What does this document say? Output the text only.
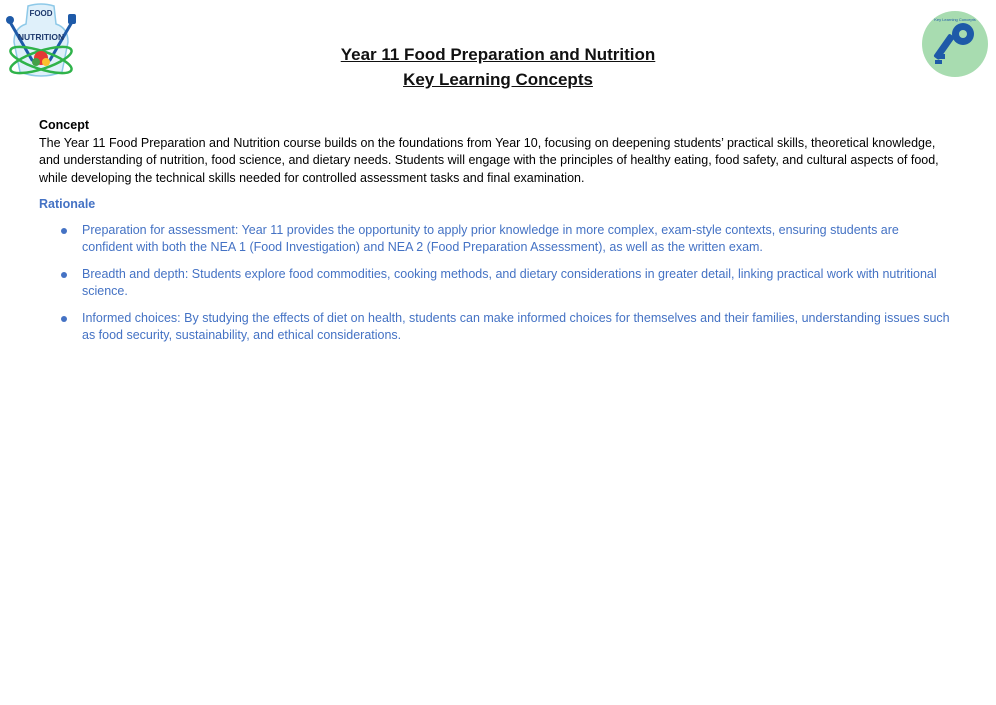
FOOD
NUTRITION
Year 11 Food Preparation and Nutrition
Key Learning Concepts
Key Learning Concepts

Concept

The Year 11 Food Preparation and Nutrition course builds on the foundations from Year 10, focusing on deepening students’ practical skills, theoretical knowledge, and understanding of nutrition, food science, and dietary needs. Students will engage with the principles of healthy eating, food safety, and cultural aspects of food, while developing the technical skills needed for controlled assessment tasks and final examination.

Rationale

Preparation for assessment: Year 11 provides the opportunity to apply prior knowledge in more complex, exam-style contexts, ensuring students are confident with both the NEA 1 (Food Investigation) and NEA 2 (Food Preparation Assessment), as well as the written exam.
Breadth and depth: Students explore food commodities, cooking methods, and dietary considerations in greater detail, linking practical work with nutritional science.
Informed choices: By studying the effects of diet on health, students can make informed choices for themselves and their families, understanding issues such as food security, sustainability, and ethical considerations.
